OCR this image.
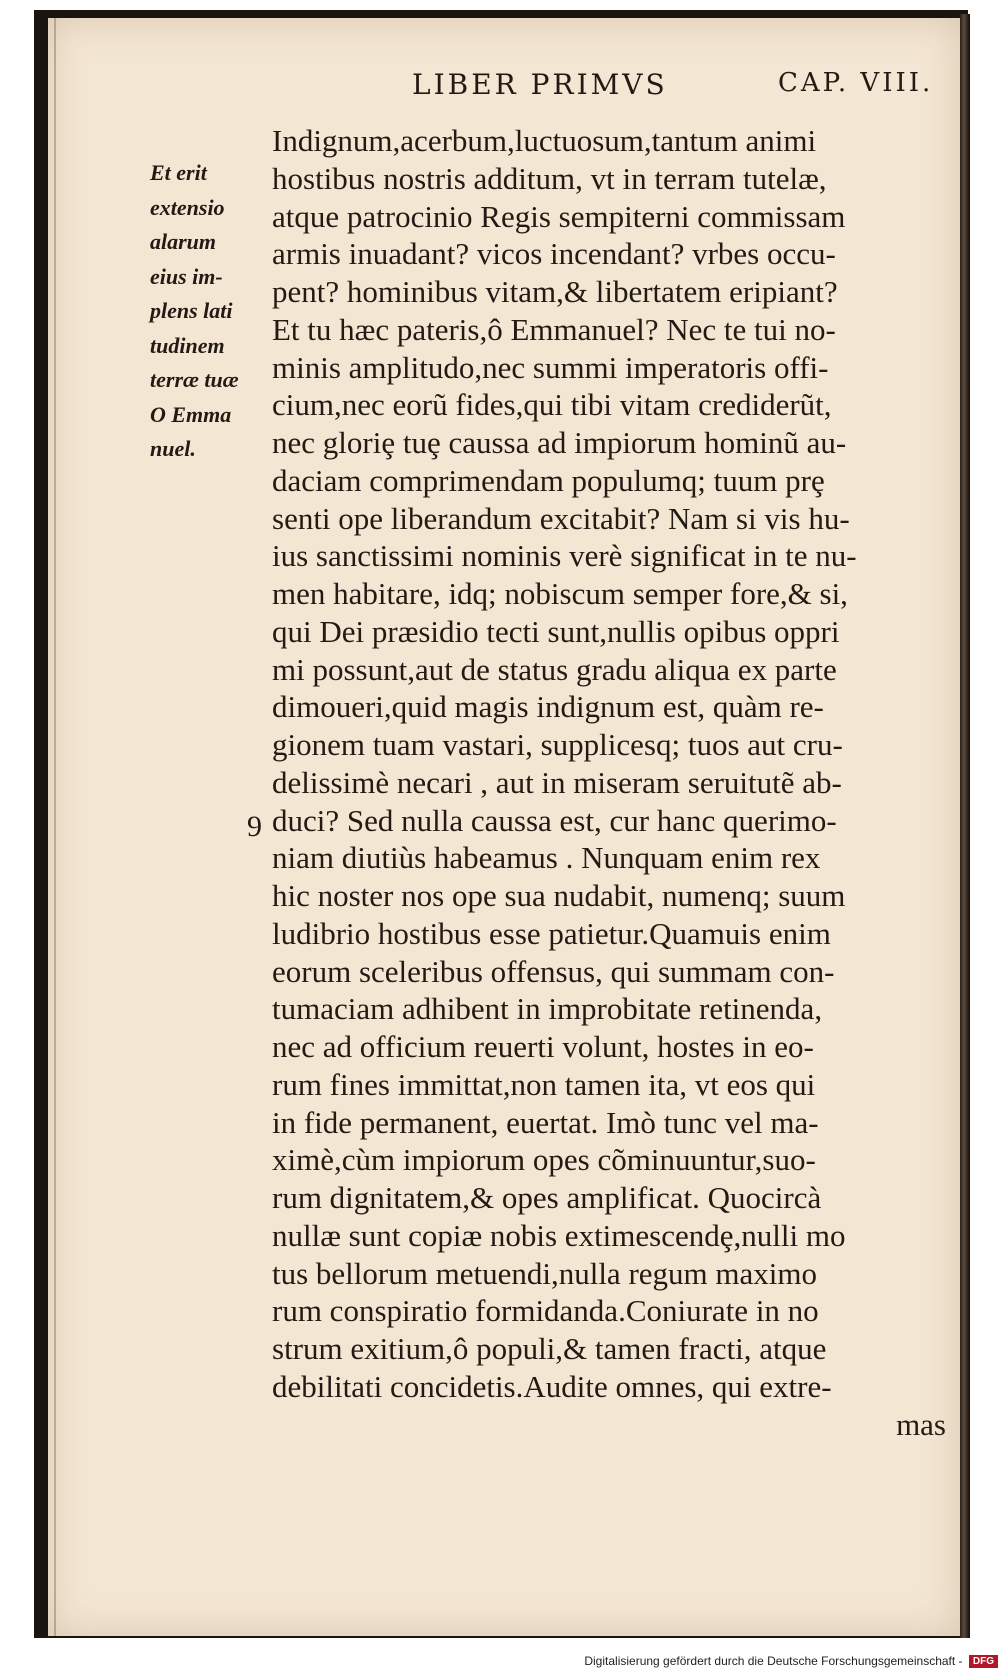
LIBER PRIMVS	CAP. VIII.
Et erit
extensio
alarum
eius im-
plens lati
tudinem
terræ tuæ
O Emma
nuel.
9
Indignum,acerbum,luctuosum,tantum animi
hostibus nostris additum, vt in terram tutelæ,
atque patrocinio Regis sempiterni commissam
armis inuadant? vicos incendant? vrbes occu-
pent? hominibus vitam,& libertatem eripiant?
Et tu hæc pateris,ô Emmanuel? Nec te tui no-
minis amplitudo,nec summi imperatoris offi-
cium,nec eorũ fides,qui tibi vitam crediderũt,
nec gloriȩ tuȩ caussa ad impiorum hominũ au-
daciam comprimendam populumq; tuum prȩ
senti ope liberandum excitabit? Nam si vis hu-
ius sanctissimi nominis verè significat in te nu-
men habitare, idq; nobiscum semper fore,& si,
qui Dei præsidio tecti sunt,nullis opibus oppri
mi possunt,aut de status gradu aliqua ex parte
dimoueri,quid magis indignum est, quàm re-
gionem tuam vastari, supplicesq; tuos aut cru-
delissimè necari , aut in miseram seruitutẽ ab-
duci? Sed nulla caussa est, cur hanc querimo-
niam diutiùs habeamus . Nunquam enim rex
hic noster nos ope sua nudabit, numenq; suum
ludibrio hostibus esse patietur.Quamuis enim
eorum sceleribus offensus, qui summam con-
tumaciam adhibent in improbitate retinenda,
nec ad officium reuerti volunt, hostes in eo-
rum fines immittat,non tamen ita, vt eos qui
in fide permanent, euertat. Imò tunc vel ma-
ximè,cùm impiorum opes cõminuuntur,suo-
rum dignitatem,& opes amplificat. Quocircà
nullæ sunt copiæ nobis extimescendȩ,nulli mo
tus bellorum metuendi,nulla regum maximo
rum conspiratio formidanda.Coniurate in no
strum exitium,ô populi,& tamen fracti, atque
debilitati concidetis.Audite omnes, qui extre-
mas
Digitalisierung gefördert durch die Deutsche Forschungsgemeinschaft - DFG
